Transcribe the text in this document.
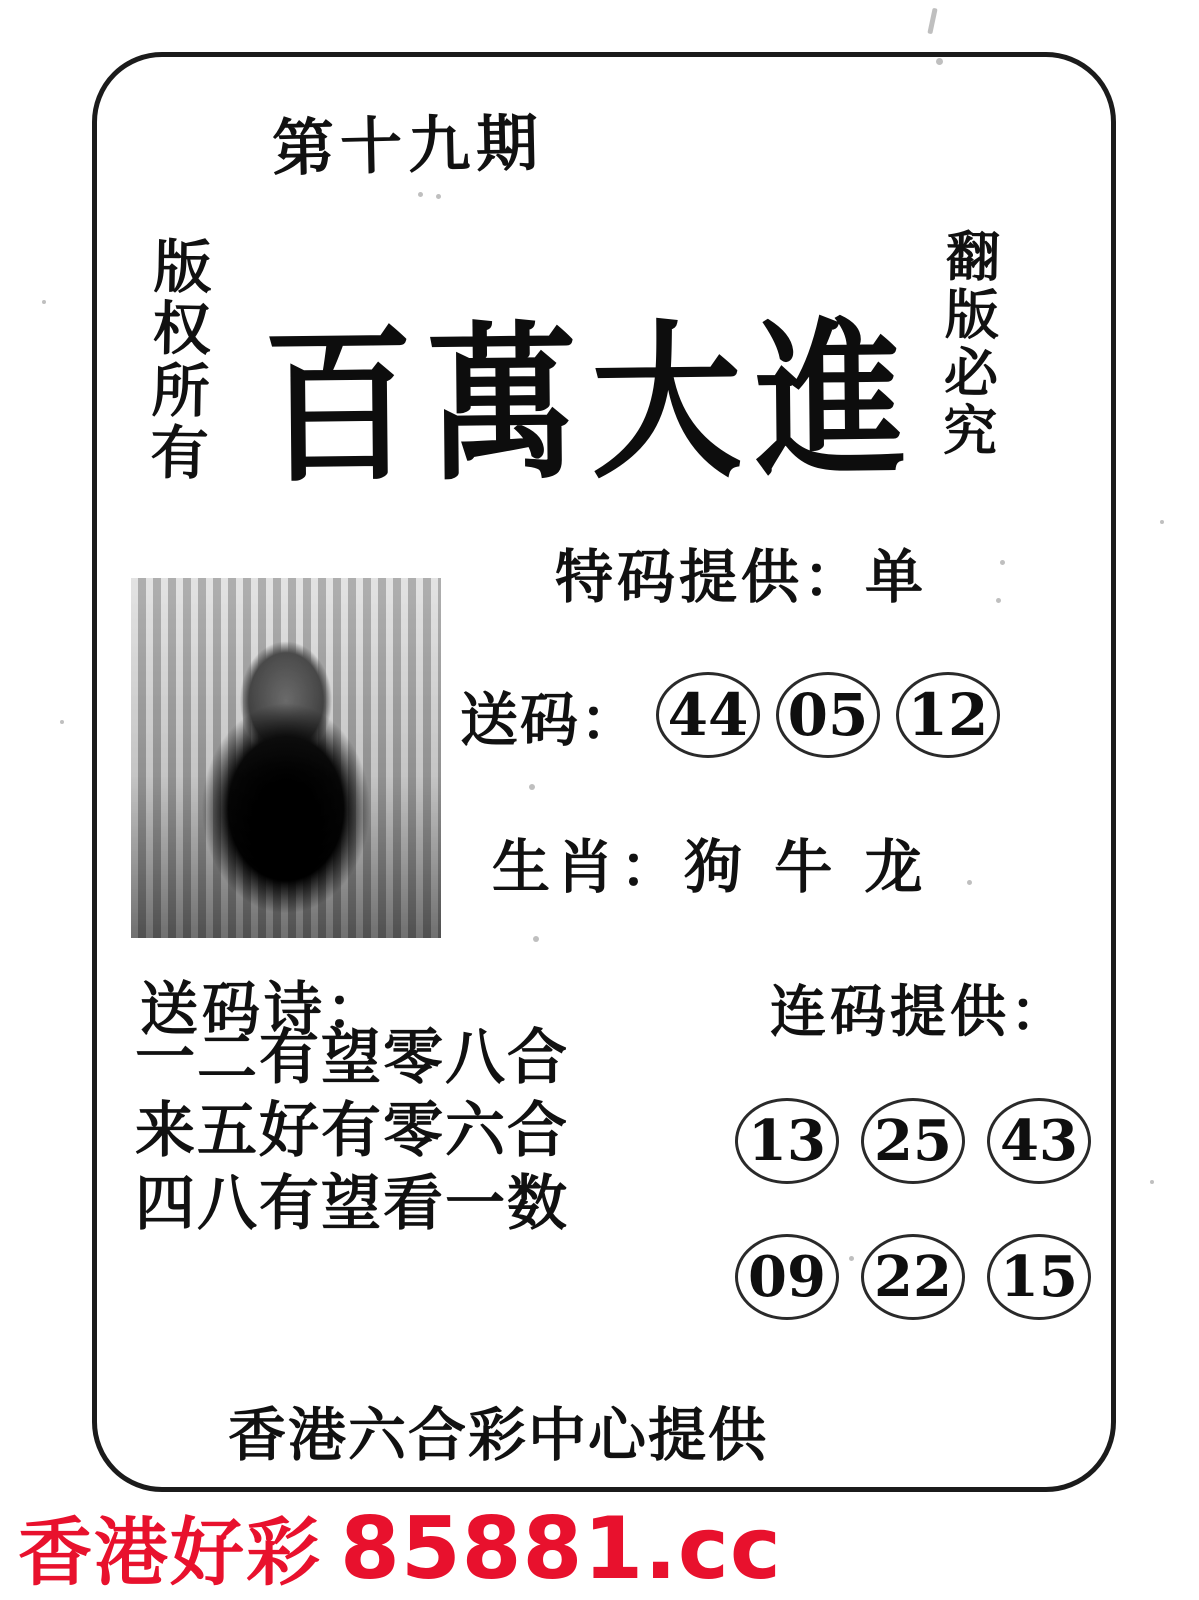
第十九期
版权所有	翻版必究
百萬大進
特码提供：单
送码： 44 05 12
生肖：狗 牛 龙
送码诗：
一二有望零八合
来五好有零六合
四八有望看一数
连码提供：
13 25 43
09 22 15
香港六合彩中心提供
香港好彩 85881.cc
